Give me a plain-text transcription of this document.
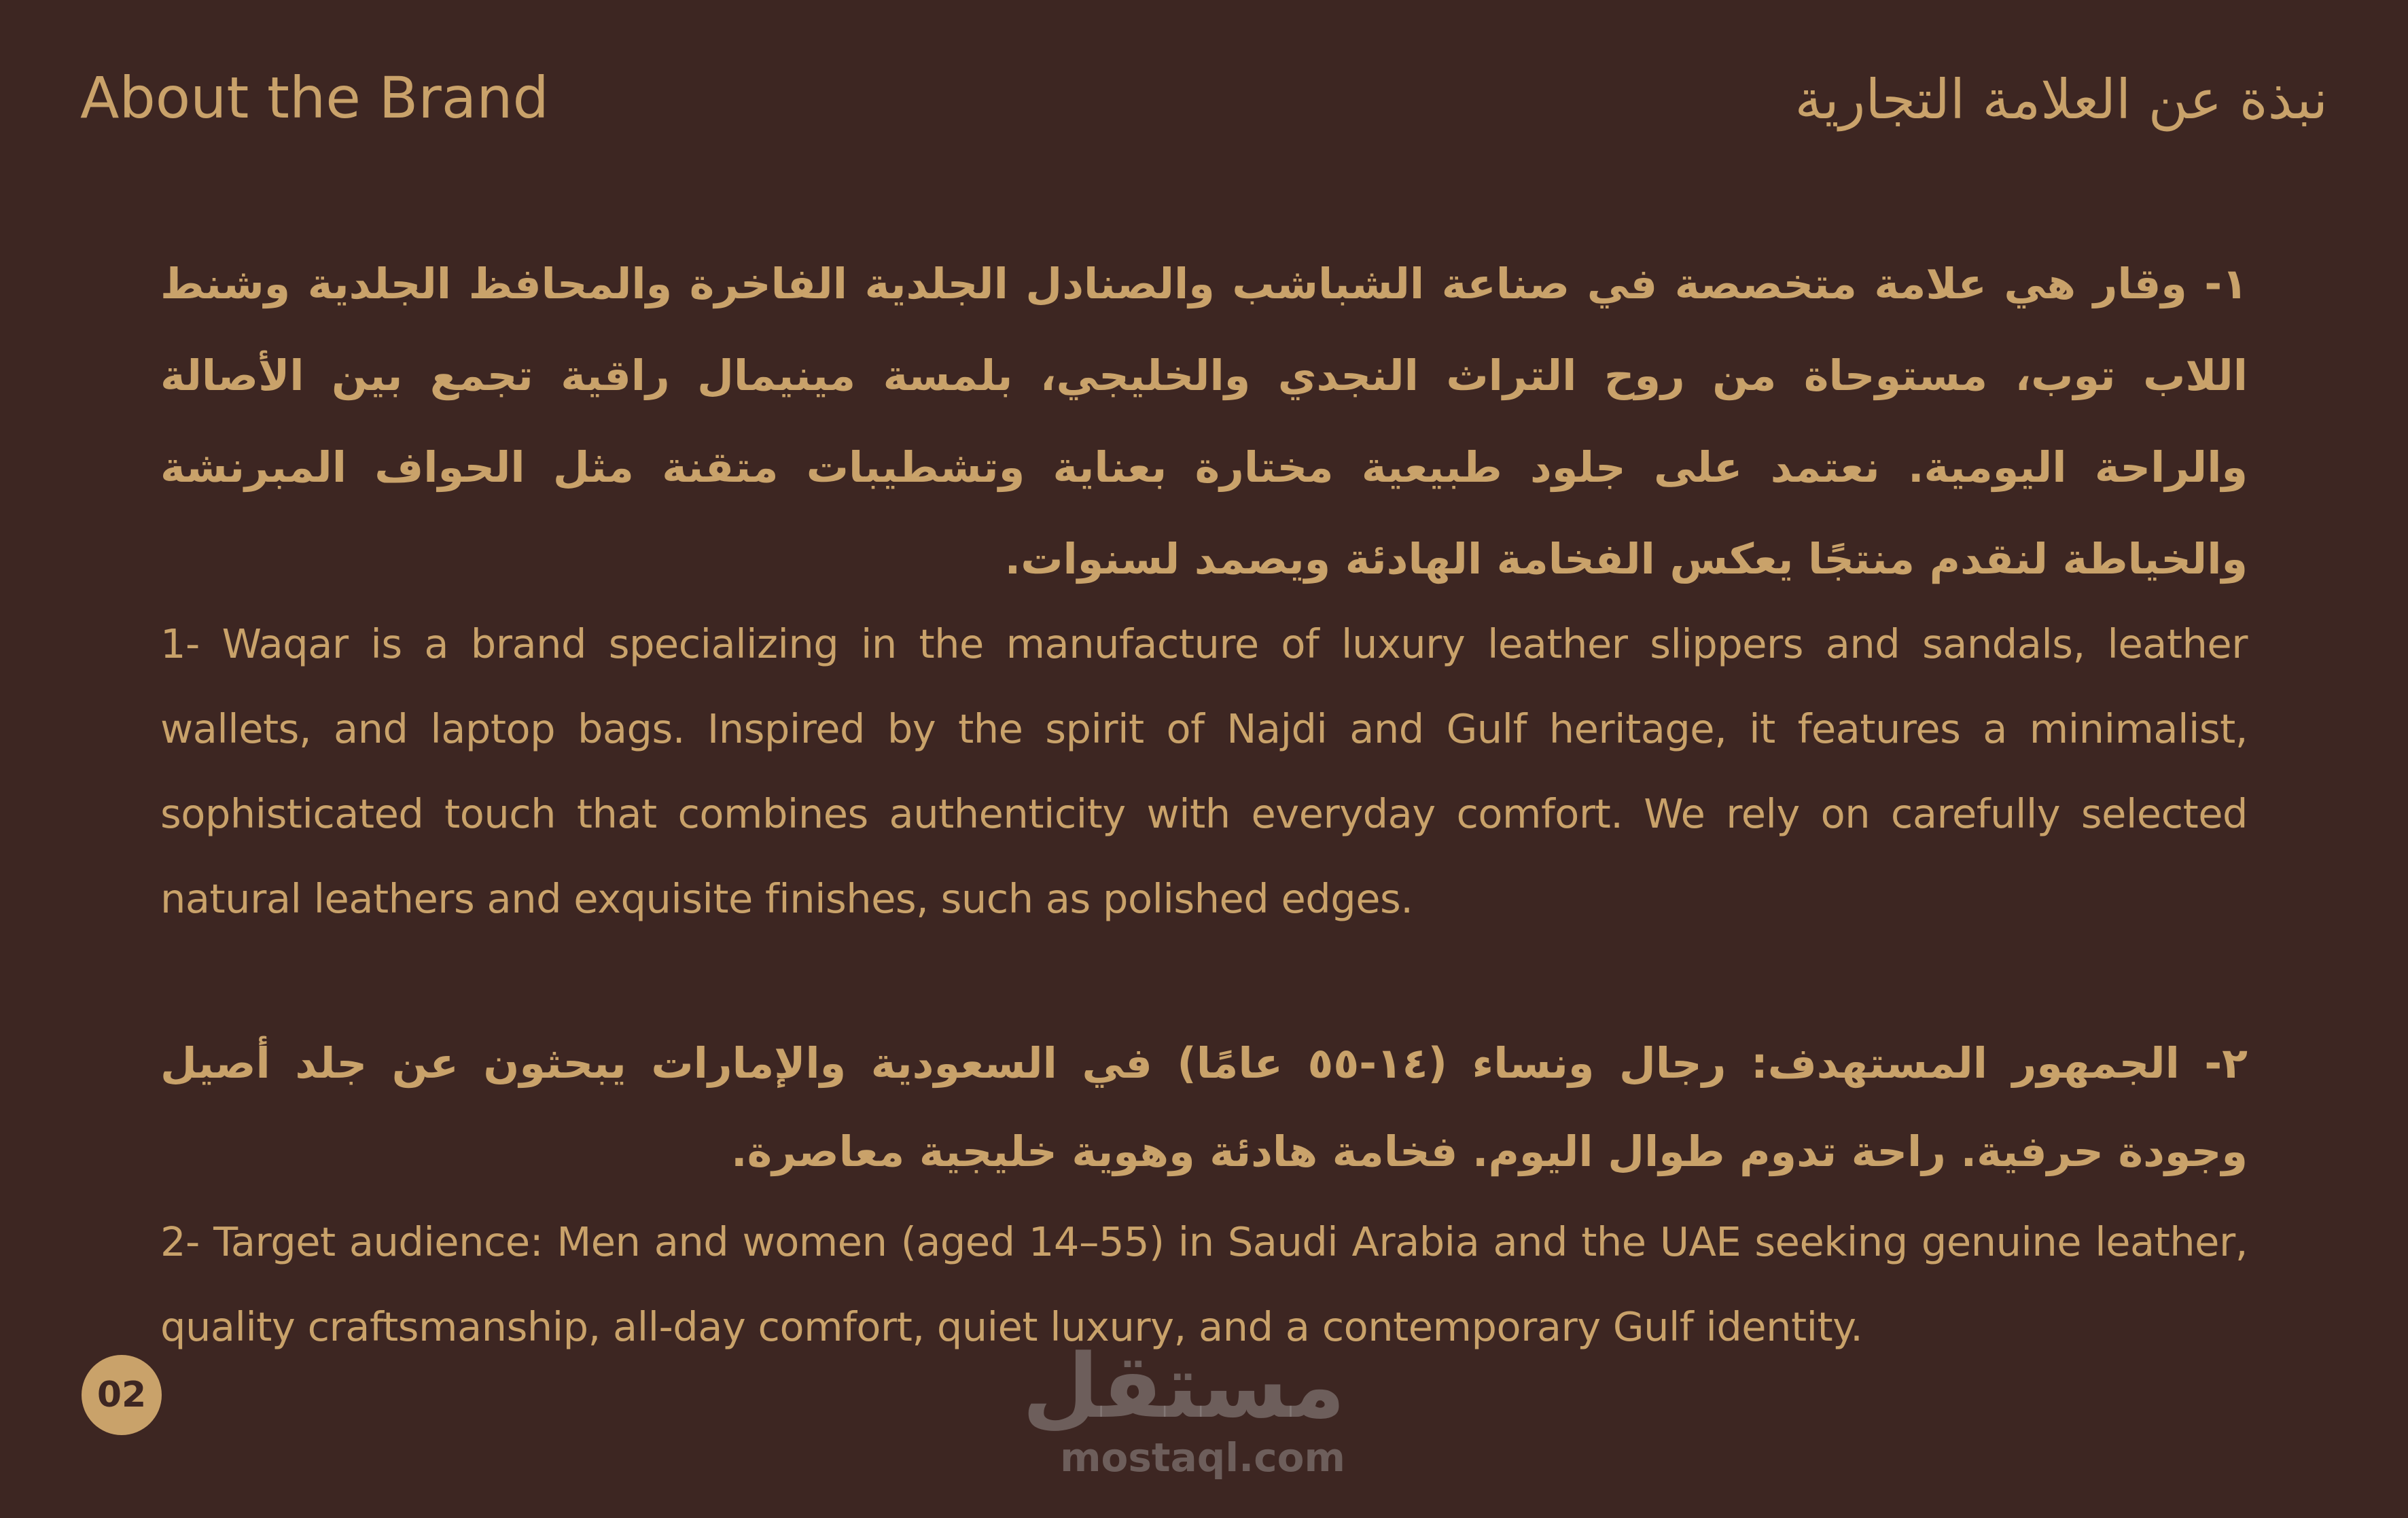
About the Brand	نبذة عن العلامة التجارية
١- وقار هي علامة متخصصة في صناعة الشباشب والصنادل الجلدية الفاخرة والمحافظ الجلدية وشنط اللاب توب، مستوحاة من روح التراث النجدي والخليجي، بلمسة مينيمال راقية تجمع بين الأصالة والراحة اليومية. نعتمد على جلود طبيعية مختارة بعناية وتشطيبات متقنة مثل الحواف المبرنشة والخياطة لنقدم منتجًا يعكس الفخامة الهادئة ويصمد لسنوات.
1- Waqar is a brand specializing in the manufacture of luxury leather slippers and sandals, leather wallets, and laptop bags. Inspired by the spirit of Najdi and Gulf heritage, it features a minimalist, sophisticated touch that combines authenticity with everyday comfort. We rely on carefully selected natural leathers and exquisite finishes, such as polished edges.
٢- الجمهور المستهدف: رجال ونساء (١٤-٥٥ عامًا) في السعودية والإمارات يبحثون عن جلد أصيل وجودة حرفية. راحة تدوم طوال اليوم. فخامة هادئة وهوية خليجية معاصرة.
2- Target audience: Men and women (aged 14–55) in Saudi Arabia and the UAE seeking genuine leather, quality craftsmanship, all-day comfort, quiet luxury, and a contemporary Gulf identity.
02	مستقل
mostaql.com
